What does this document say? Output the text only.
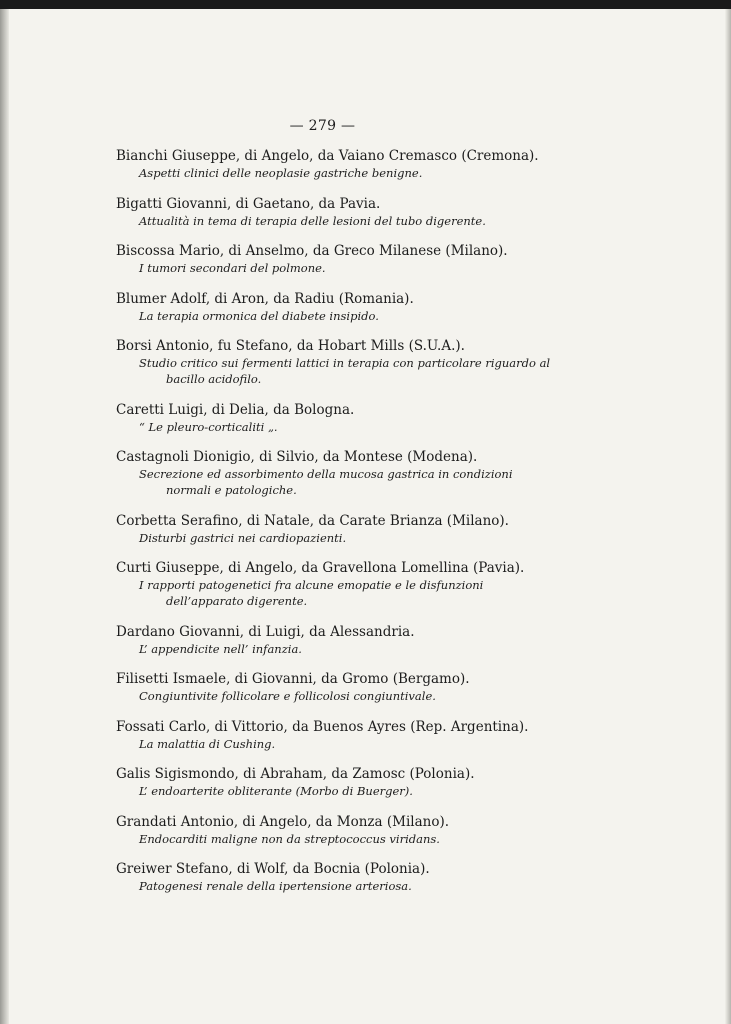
— 279 —
Bianchi Giuseppe, di Angelo, da Vaiano Cremasco (Cremona).
Aspetti clinici delle neoplasie gastriche benigne.
Bigatti Giovanni, di Gaetano, da Pavia.
Attualità in tema di terapia delle lesioni del tubo digerente.
Biscossa Mario, di Anselmo, da Greco Milanese (Milano).
I tumori secondari del polmone.
Blumer Adolf, di Aron, da Radiu (Romania).
La terapia ormonica del diabete insipido.
Borsi Antonio, fu Stefano, da Hobart Mills (S.U.A.).
Studio critico sui fermenti lattici in terapia con particolare riguardo al bacillo acidofilo.
Caretti Luigi, di Delia, da Bologna.
“ Le pleuro-corticaliti „.
Castagnoli Dionigio, di Silvio, da Montese (Modena).
Secrezione ed assorbimento della mucosa gastrica in condizioni normali e patologiche.
Corbetta Serafino, di Natale, da Carate Brianza (Milano).
Disturbi gastrici nei cardiopazienti.
Curti Giuseppe, di Angelo, da Gravellona Lomellina (Pavia).
I rapporti patogenetici fra alcune emopatie e le disfunzioni dell’apparato digerente.
Dardano Giovanni, di Luigi, da Alessandria.
L’ appendicite nell’ infanzia.
Filisetti Ismaele, di Giovanni, da Gromo (Bergamo).
Congiuntivite follicolare e follicolosi congiuntivale.
Fossati Carlo, di Vittorio, da Buenos Ayres (Rep. Argentina).
La malattia di Cushing.
Galis Sigismondo, di Abraham, da Zamosc (Polonia).
L’ endoarterite obliterante (Morbo di Buerger).
Grandati Antonio, di Angelo, da Monza (Milano).
Endocarditi maligne non da streptococcus viridans.
Greiwer Stefano, di Wolf, da Bocnia (Polonia).
Patogenesi renale della ipertensione arteriosa.
